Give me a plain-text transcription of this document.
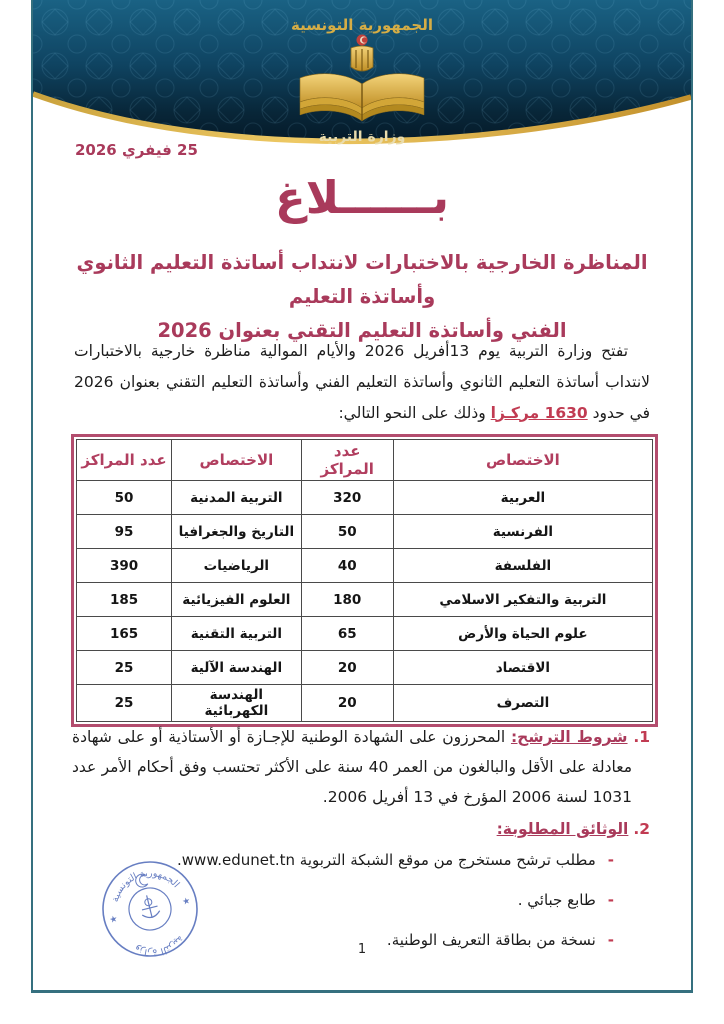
الجمهورية التونسية
وزارة التربية
25 فيفري 2026
بــــــلاغ
المناظرة الخارجية بالاختبارات لانتداب أساتذة التعليم الثانوي وأساتذة التعليم
الفني وأساتذة التعليم التقني بعنوان 2026

تفتح وزارة التربية يوم 13أفريل 2026 والأيام الموالية مناظرة خارجية بالاختبارات لانتداب أساتذة التعليم الثانوي وأساتذة التعليم الفني وأساتذة التعليم التقني بعنوان 2026 في حدود 1630 مركـزا وذلك على النحو التالي:

الاختصاص	عدد المراكز	الاختصاص	عدد المراكز
العربية	320	التربية المدنية	50
الفرنسية	50	التاريخ والجغرافيا	95
الفلسفة	40	الرياضيات	390
التربية والتفكير الاسلامي	180	العلوم الفيزيائية	185
علوم الحياة والأرض	65	التربية التقنية	165
الاقتصاد	20	الهندسة الآلية	25
التصرف	20	الهندسة الكهربائية	25
1. شروط الترشح: المحرزون على الشهادة الوطنية للإجـازة أو الأستاذية أو على شهادة معادلة على الأقل والبالغون من العمر 40 سنة على الأكثر تحتسب وفق أحكام الأمر عدد 1031 لسنة 2006 المؤرخ في 13 أفريل 2006.
2. الوثائق المطلوبة:
-مطلب ترشح مستخرج من موقع الشبكة التربوية www.edunet.tn.
-طابع جبائي .
-نسخة من بطاقة التعريف الوطنية.
الجمهورية التونسية
وزارة التربية
★
★
1
